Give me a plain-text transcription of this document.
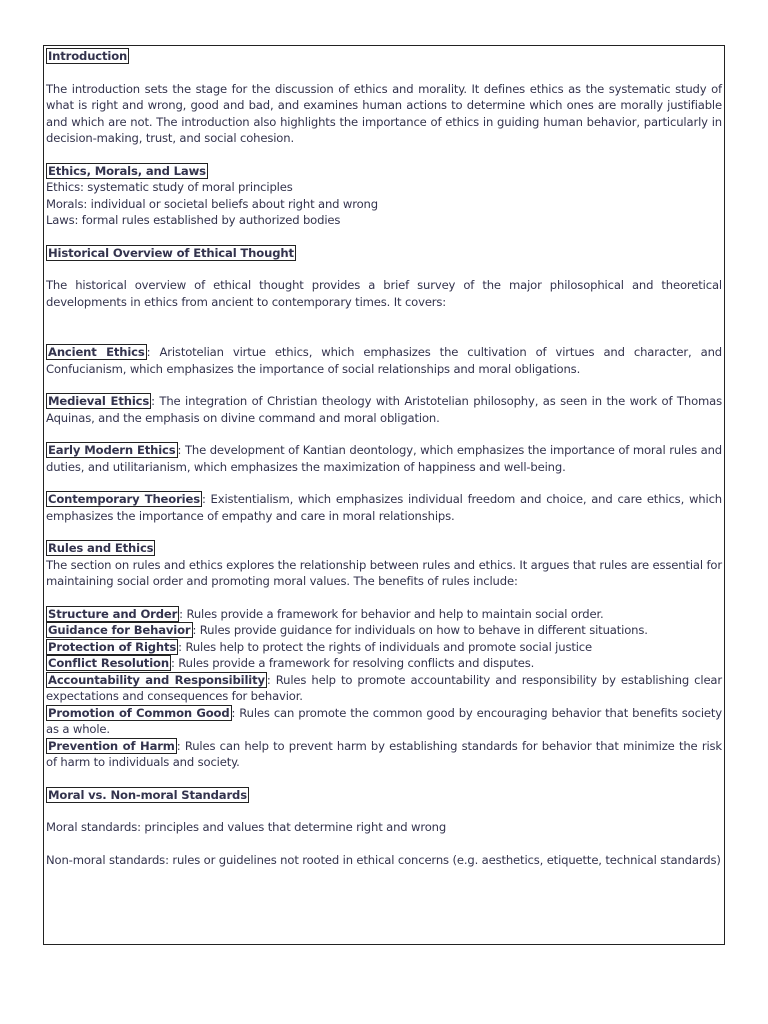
Introduction

The introduction sets the stage for the discussion of ethics and morality. It defines ethics as the systematic study of what is right and wrong, good and bad, and examines human actions to determine which ones are morally justifiable and which are not. The introduction also highlights the importance of ethics in guiding human behavior, particularly in decision-making, trust, and social cohesion.

Ethics, Morals, and Laws

Ethics: systematic study of moral principles

Morals: individual or societal beliefs about right and wrong

Laws: formal rules established by authorized bodies

Historical Overview of Ethical Thought

The historical overview of ethical thought provides a brief survey of the major philosophical and theoretical developments in ethics from ancient to contemporary times. It covers:

Ancient Ethics : Aristotelian virtue ethics, which emphasizes the cultivation of virtues and character, and Confucianism, which emphasizes the importance of social relationships and moral obligations.

Medieval Ethics : The integration of Christian theology with Aristotelian philosophy, as seen in the work of Thomas Aquinas, and the emphasis on divine command and moral obligation.

Early Modern Ethics : The development of Kantian deontology, which emphasizes the importance of moral rules and duties, and utilitarianism, which emphasizes the maximization of happiness and well-being.

Contemporary Theories : Existentialism, which emphasizes individual freedom and choice, and care ethics, which emphasizes the importance of empathy and care in moral relationships.

Rules and Ethics

The section on rules and ethics explores the relationship between rules and ethics. It argues that rules are essential for maintaining social order and promoting moral values. The benefits of rules include:

Structure and Order : Rules provide a framework for behavior and help to maintain social order.

Guidance for Behavior : Rules provide guidance for individuals on how to behave in different situations.

Protection of Rights : Rules help to protect the rights of individuals and promote social justice

Conflict Resolution : Rules provide a framework for resolving conflicts and disputes.

Accountability and Responsibility : Rules help to promote accountability and responsibility by establishing clear expectations and consequences for behavior.

Promotion of Common Good : Rules can promote the common good by encouraging behavior that benefits society as a whole.

Prevention of Harm : Rules can help to prevent harm by establishing standards for behavior that minimize the risk of harm to individuals and society.

Moral vs. Non-moral Standards

Moral standards: principles and values that determine right and wrong

Non-moral standards: rules or guidelines not rooted in ethical concerns (e.g. aesthetics, etiquette, technical standards)
